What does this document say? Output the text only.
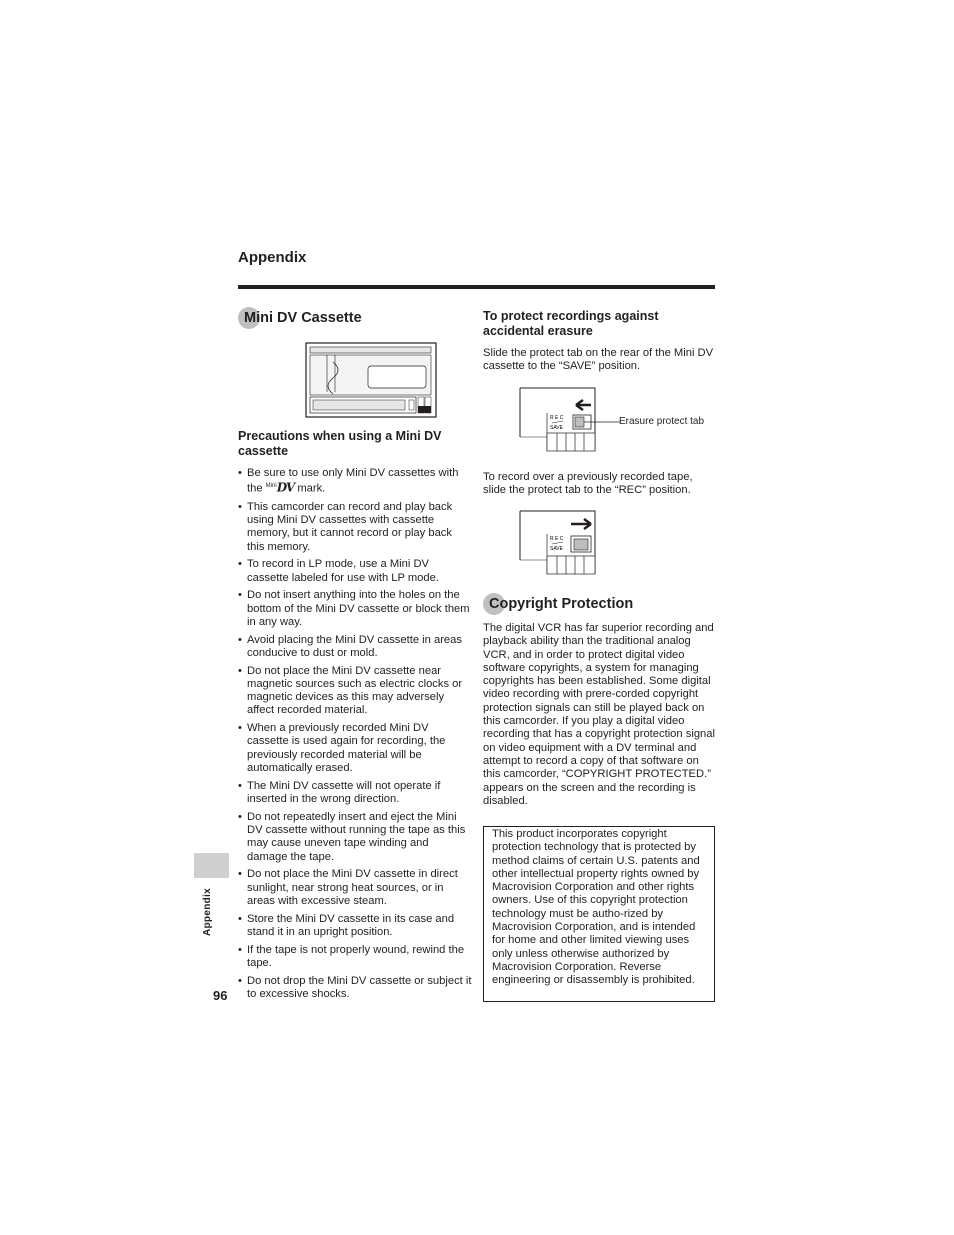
Appendix
Mini DV Cassette
Precautions when using a Mini DV cassette
• Be sure to use only Mini DV cassettes with the $^{Mini}$DV mark.
• This camcorder can record and play back using Mini DV cassettes with cassette memory, but it cannot record or play back this memory.
• To record in LP mode, use a Mini DV cassette labeled for use with LP mode.
• Do not insert anything into the holes on the bottom of the Mini DV cassette or block them in any way.
• Avoid placing the Mini DV cassette in areas conducive to dust or mold.
• Do not place the Mini DV cassette near magnetic sources such as electric clocks or magnetic devices as this may adversely affect recorded material.
• When a previously recorded Mini DV cassette is used again for recording, the previously recorded material will be automatically erased.
• The Mini DV cassette will not operate if inserted in the wrong direction.
• Do not repeatedly insert and eject the Mini DV cassette without running the tape as this may cause uneven tape winding and damage the tape.
• Do not place the Mini DV cassette in direct sunlight, near strong heat sources, or in areas with excessive steam.
• Store the Mini DV cassette in its case and stand it in an upright position.
• If the tape is not properly wound, rewind the tape.
• Do not drop the Mini DV cassette or subject it to excessive shocks.
To protect recordings against accidental erasure
Slide the protect tab on the rear of the Mini DV cassette to the “SAVE” position.
R E C
SAVE
Erasure protect tab
To record over a previously recorded tape, slide the protect tab to the “REC” position.
R E C
SAVE
Copyright Protection
The digital VCR has far superior recording and playback ability than the traditional analog VCR, and in order to protect digital video software copyrights, a system for managing copyrights has been established. Some digital video recording with prere-corded copyright protection signals can still be played back on this camcorder. If you play a digital video recording that has a copyright protection signal on video equipment with a DV terminal and attempt to record a copy of that software on this camcorder, “COPYRIGHT PROTECTED.” appears on the screen and the recording is disabled.
This product incorporates copyright protection technology that is protected by method claims of certain U.S. patents and other intellectual property rights owned by Macrovision Corporation and other rights owners. Use of this copyright protection technology must be autho-rized by Macrovision Corporation, and is intended for home and other limited viewing uses only unless otherwise authorized by Macrovision Corporation. Reverse engineering or disassembly is prohibited.
Appendix
96
